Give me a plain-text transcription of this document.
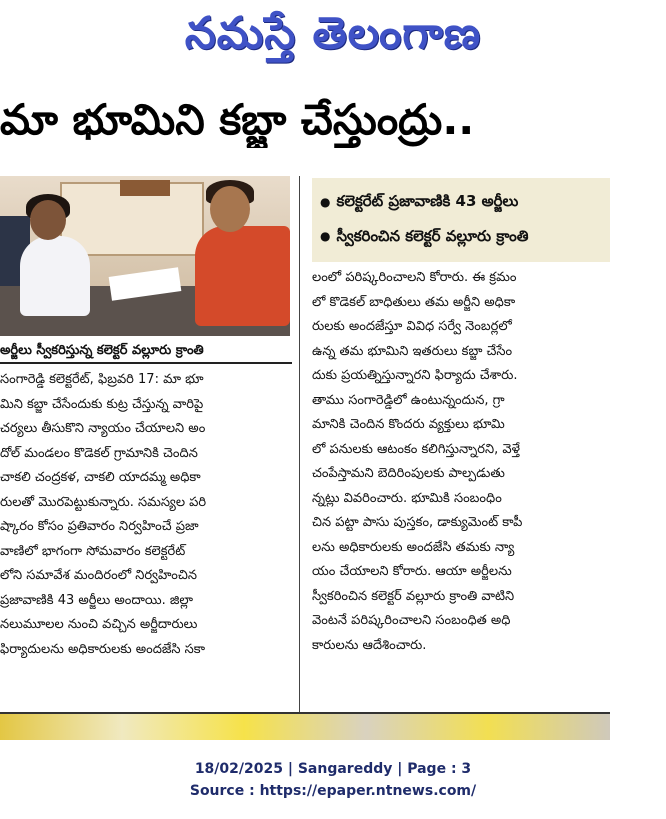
నమస్తే తెలంగాణ
మా భూమిని కబ్జా చేస్తుంద్రు..
అర్జీలు స్వీకరిస్తున్న కలెక్టర్ వల్లూరు క్రాంతి
● కలెక్టరేట్ ప్రజావాణికి 43 అర్జీలు
● స్వీకరించిన కలెక్టర్ వల్లూరు క్రాంతి
సంగారెడ్డి కలెక్టరేట్, ఫిబ్రవరి 17: మా భూ
మిని కబ్జా చేసేందుకు కుట్ర చేస్తున్న వారిపై
చర్యలు తీసుకొని న్యాయం చేయాలని అం
దోల్ మండలం కొడెకల్ గ్రామానికి చెందిన
చాకలి చంద్రకళ, చాకలి యాదమ్మ అధికా
రులతో మొరపెట్టుకున్నారు. సమస్యల పరి
ష్కారం కోసం ప్రతివారం నిర్వహించే ప్రజా
వాణిలో భాగంగా సోమవారం కలెక్టరేట్
లోని సమావేశ మందిరంలో నిర్వహించిన
ప్రజావాణికి 43 అర్జీలు అందాయి. జిల్లా
నలుమూలల నుంచి వచ్చిన అర్జీదారులు
ఫిర్యాదులను అధికారులకు అందజేసి సకా
లంలో పరిష్కరించాలని కోరారు. ఈ క్రమం
లో కొడెకల్ బాధితులు తమ అర్జీని అధికా
రులకు అందజేస్తూ వివిధ సర్వే నెంబర్లలో
ఉన్న తమ భూమిని ఇతరులు కబ్జా చేసేం
దుకు ప్రయత్నిస్తున్నారని ఫిర్యాదు చేశారు.
తాము సంగారెడ్డిలో ఉంటున్నందున, గ్రా
మానికి చెందిన కొందరు వ్యక్తులు భూమి
లో పనులకు ఆటంకం కలిగిస్తున్నారని, వెళ్తే
చంపేస్తామని బెదిరింపులకు పాల్పడుతు
న్నట్లు వివరించారు. భూమికి సంబంధిం
చిన పట్టా పాసు పుస్తకం, డాక్యుమెంట్ కాపీ
లను అధికారులకు అందజేసి తమకు న్యా
యం చేయాలని కోరారు. ఆయా అర్జీలను
స్వీకరించిన కలెక్టర్ వల్లూరు క్రాంతి వాటిని
వెంటనే పరిష్కరించాలని సంబంధిత అధి
కారులను ఆదేశించారు.
18/02/2025 | Sangareddy | Page : 3
Source : https://epaper.ntnews.com/
